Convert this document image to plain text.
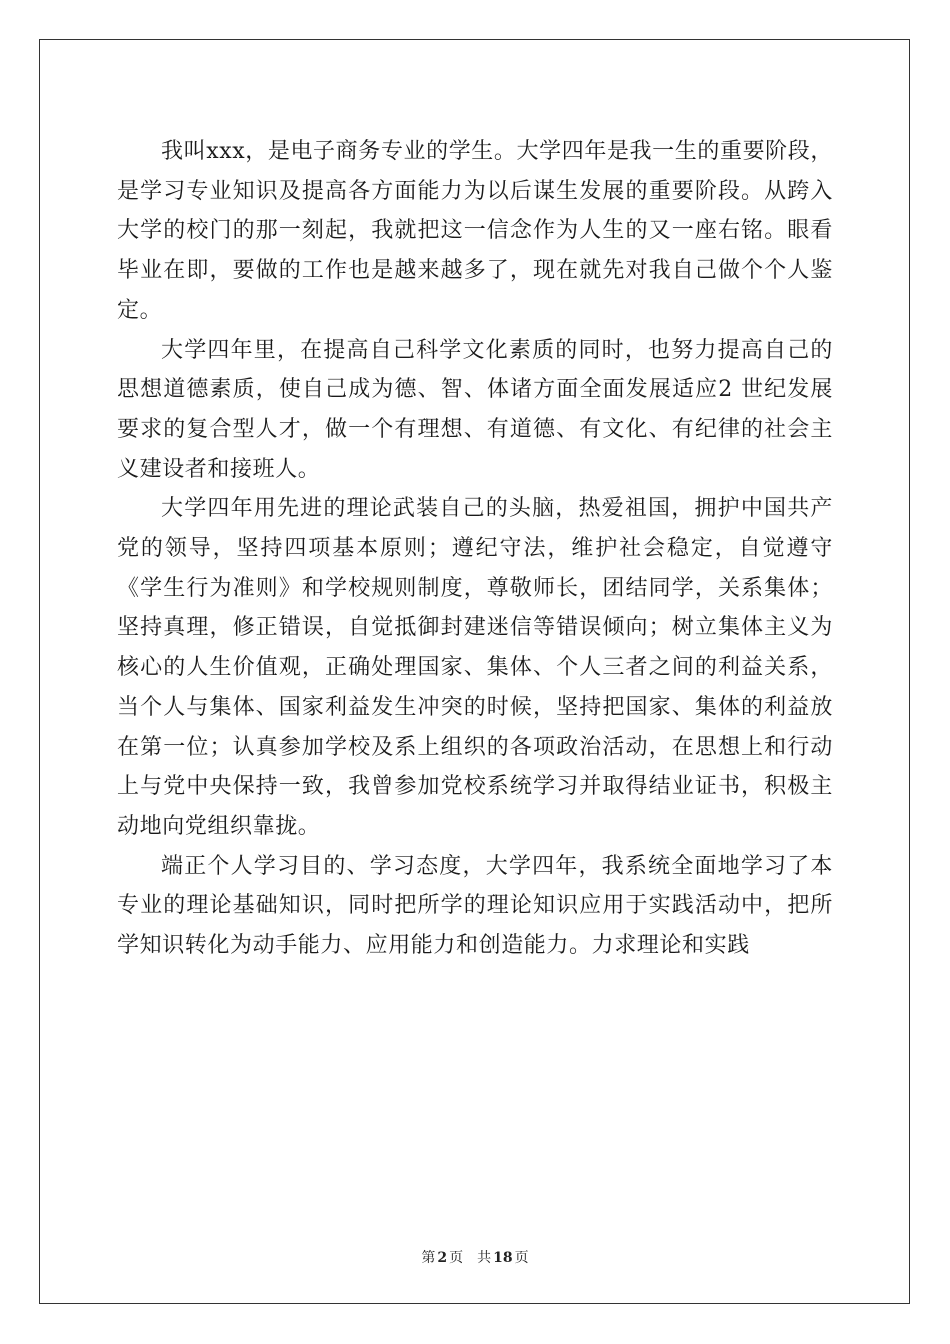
我叫xxx，是电子商务专业的学生。大学四年是我一生的重要阶段，是学习专业知识及提高各方面能力为以后谋生发展的重要阶段。从跨入大学的校门的那一刻起，我就把这一信念作为人生的又一座右铭。眼看毕业在即，要做的工作也是越来越多了，现在就先对我自己做个个人鉴定。

大学四年里，在提高自己科学文化素质的同时，也努力提高自己的思想道德素质，使自己成为德、智、体诸方面全面发展适应2 世纪发展要求的复合型人才，做一个有理想、有道德、有文化、有纪律的社会主义建设者和接班人。

大学四年用先进的理论武装自己的头脑，热爱祖国，拥护中国共产党的领导，坚持四项基本原则；遵纪守法，维护社会稳定，自觉遵守《学生行为准则》和学校规则制度，尊敬师长，团结同学，关系集体；坚持真理，修正错误，自觉抵御封建迷信等错误倾向；树立集体主义为核心的人生价值观，正确处理国家、集体、个人三者之间的利益关系，当个人与集体、国家利益发生冲突的时候，坚持把国家、集体的利益放在第一位；认真参加学校及系上组织的各项政治活动，在思想上和行动上与党中央保持一致，我曾参加党校系统学习并取得结业证书，积极主动地向党组织靠拢。

端正个人学习目的、学习态度，大学四年，我系统全面地学习了本专业的理论基础知识，同时把所学的理论知识应用于实践活动中，把所学知识转化为动手能力、应用能力和创造能力。力求理论和实践

第 2 页 共 18 页
